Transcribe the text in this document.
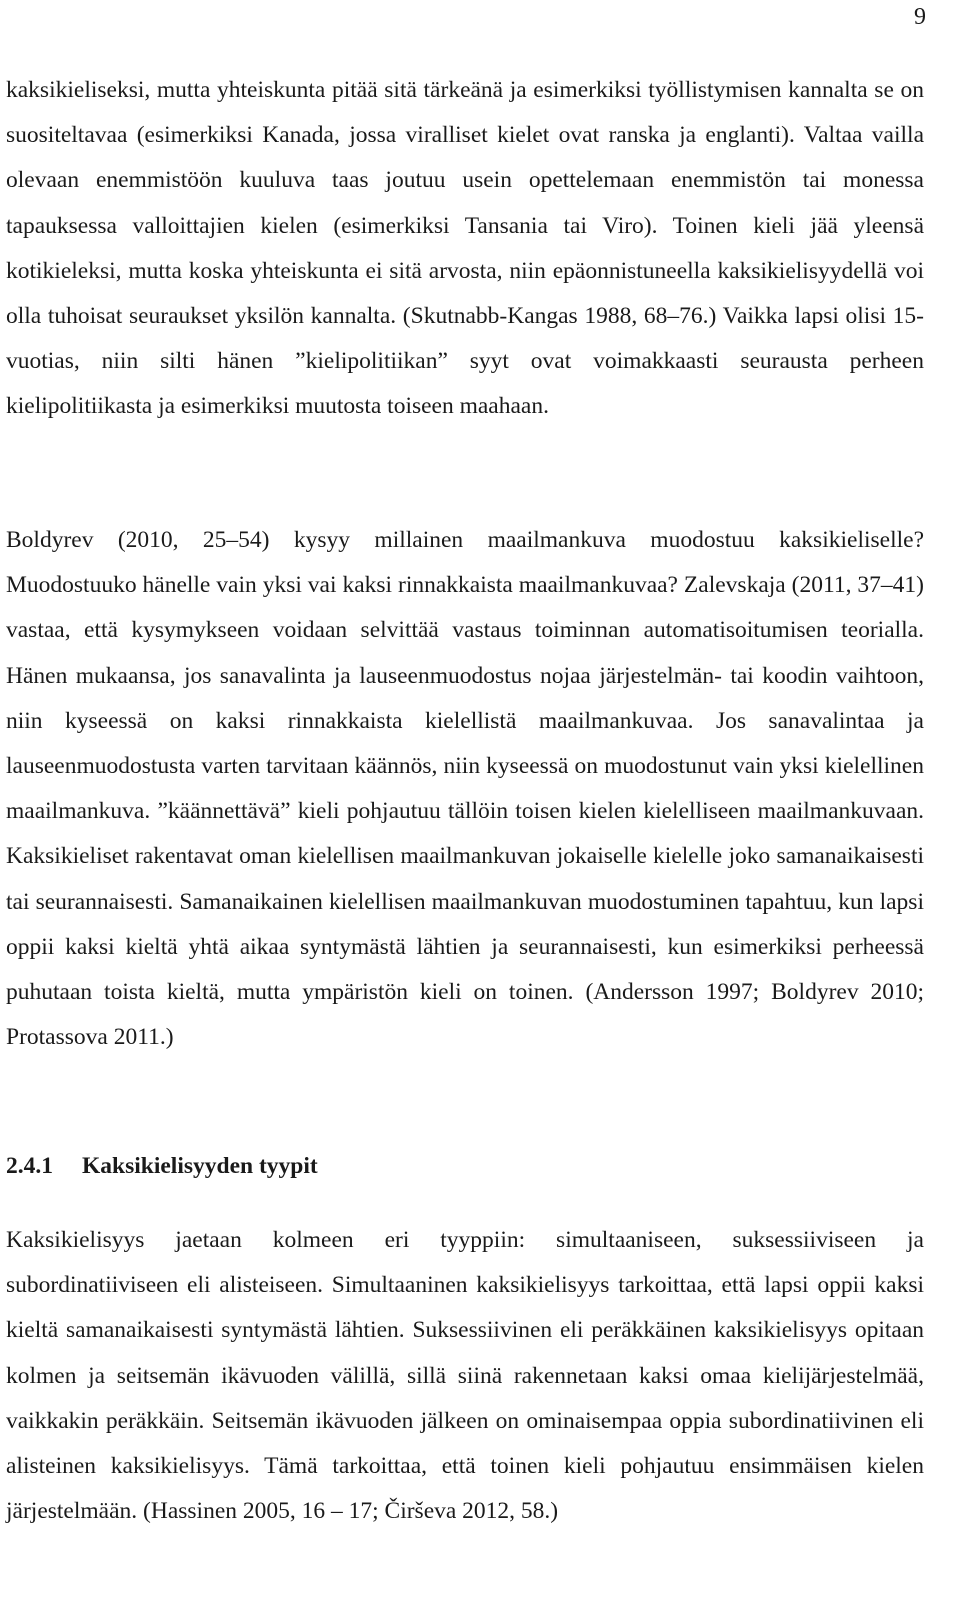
9

kaksikieliseksi, mutta yhteiskunta pitää sitä tärkeänä ja esimerkiksi työllistymisen kannalta se on suositeltavaa (esimerkiksi Kanada, jossa viralliset kielet ovat ranska ja englanti). Valtaa vailla olevaan enemmistöön kuuluva taas joutuu usein opettelemaan enemmistön tai monessa tapauksessa valloittajien kielen (esimerkiksi Tansania tai Viro). Toinen kieli jää yleensä kotikieleksi, mutta koska yhteiskunta ei sitä arvosta, niin epäonnistuneella kaksikielisyydellä voi olla tuhoisat seuraukset yksilön kannalta. (Skutnabb-Kangas 1988, 68–76.) Vaikka lapsi olisi 15-vuotias, niin silti hänen ”kielipolitiikan” syyt ovat voimakkaasti seurausta perheen kielipolitiikasta ja esimerkiksi muutosta toiseen maahaan.

Boldyrev (2010, 25–54) kysyy millainen maailmankuva muodostuu kaksikieliselle? Muodostuuko hänelle vain yksi vai kaksi rinnakkaista maailmankuvaa? Zalevskaja (2011, 37–41) vastaa, että kysymykseen voidaan selvittää vastaus toiminnan automatisoitumisen teorialla. Hänen mukaansa, jos sanavalinta ja lauseenmuodostus nojaa järjestelmän- tai koodin vaihtoon, niin kyseessä on kaksi rinnakkaista kielellistä maailmankuvaa. Jos sanavalintaa ja lauseenmuodostusta varten tarvitaan käännös, niin kyseessä on muodostunut vain yksi kielellinen maailmankuva. ”käännettävä” kieli pohjautuu tällöin toisen kielen kielelliseen maailmankuvaan. Kaksikieliset rakentavat oman kielellisen maailmankuvan jokaiselle kielelle joko samanaikaisesti tai seurannaisesti. Samanaikainen kielellisen maailmankuvan muodostuminen tapahtuu, kun lapsi oppii kaksi kieltä yhtä aikaa syntymästä lähtien ja seurannaisesti, kun esimerkiksi perheessä puhutaan toista kieltä, mutta ympäristön kieli on toinen. (Andersson 1997; Boldyrev 2010; Protassova 2011.)

2.4.1	Kaksikielisyyden tyypit

Kaksikielisyys jaetaan kolmeen eri tyyppiin: simultaaniseen, suksessiiviseen ja subordinatiiviseen eli alisteiseen. Simultaaninen kaksikielisyys tarkoittaa, että lapsi oppii kaksi kieltä samanaikaisesti syntymästä lähtien. Suksessiivinen eli peräkkäinen kaksikielisyys opitaan kolmen ja seitsemän ikävuoden välillä, sillä siinä rakennetaan kaksi omaa kielijärjestelmää, vaikkakin peräkkäin. Seitsemän ikävuoden jälkeen on ominaisempaa oppia subordinatiivinen eli alisteinen kaksikielisyys. Tämä tarkoittaa, että toinen kieli pohjautuu ensimmäisen kielen järjestelmään. (Hassinen 2005, 16 – 17; Čirševa 2012, 58.)
